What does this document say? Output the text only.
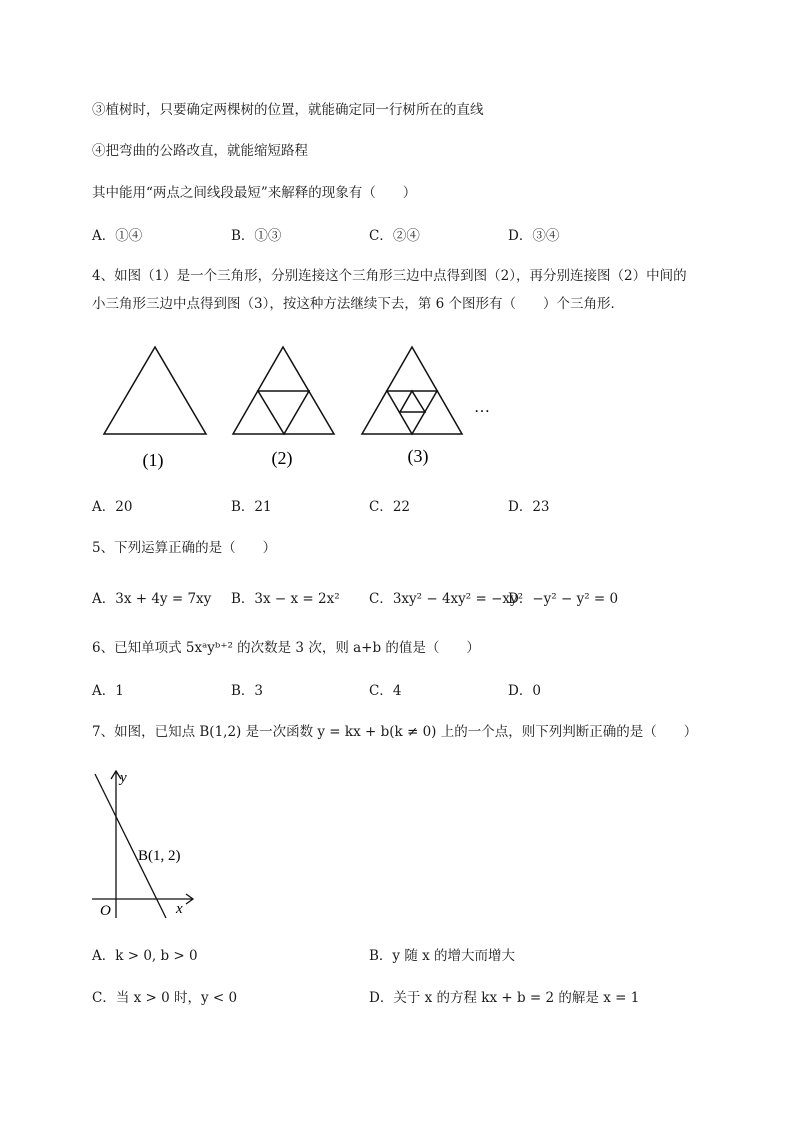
③植树时，只要确定两棵树的位置，就能确定同一行树所在的直线
④把弯曲的公路改直，就能缩短路程
其中能用“两点之间线段最短”来解释的现象有（　　）
A．①④	B．①③	C．②④	D．③④
4、如图（1）是一个三角形，分别连接这个三角形三边中点得到图（2），再分别连接图（2）中间的
小三角形三边中点得到图（3），按这种方法继续下去，第 6 个图形有（　　）个三角形．
(1)	(2)	(3)
…
A．20	B．21	C．22	D．23
5、下列运算正确的是（　　）
A．3x + 4y = 7xy B．3x − x = 2x² C．3xy² − 4xy² = −xy²
D．−y² − y² = 0
6、已知单项式 5xᵃyᵇ⁺² 的次数是 3 次，则 a+b 的值是（　　）
A．1	B．3	C．4	D．0
7、如图，已知点 B(1,2) 是一次函数 y = kx + b(k ≠ 0) 上的一个点，则下列判断正确的是（　　）
y
x
O
B(1, 2)
A．k > 0, b > 0	B．y 随 x 的增大而增大
C．当 x > 0 时，y < 0	D．关于 x 的方程 kx + b = 2 的解是 x = 1
